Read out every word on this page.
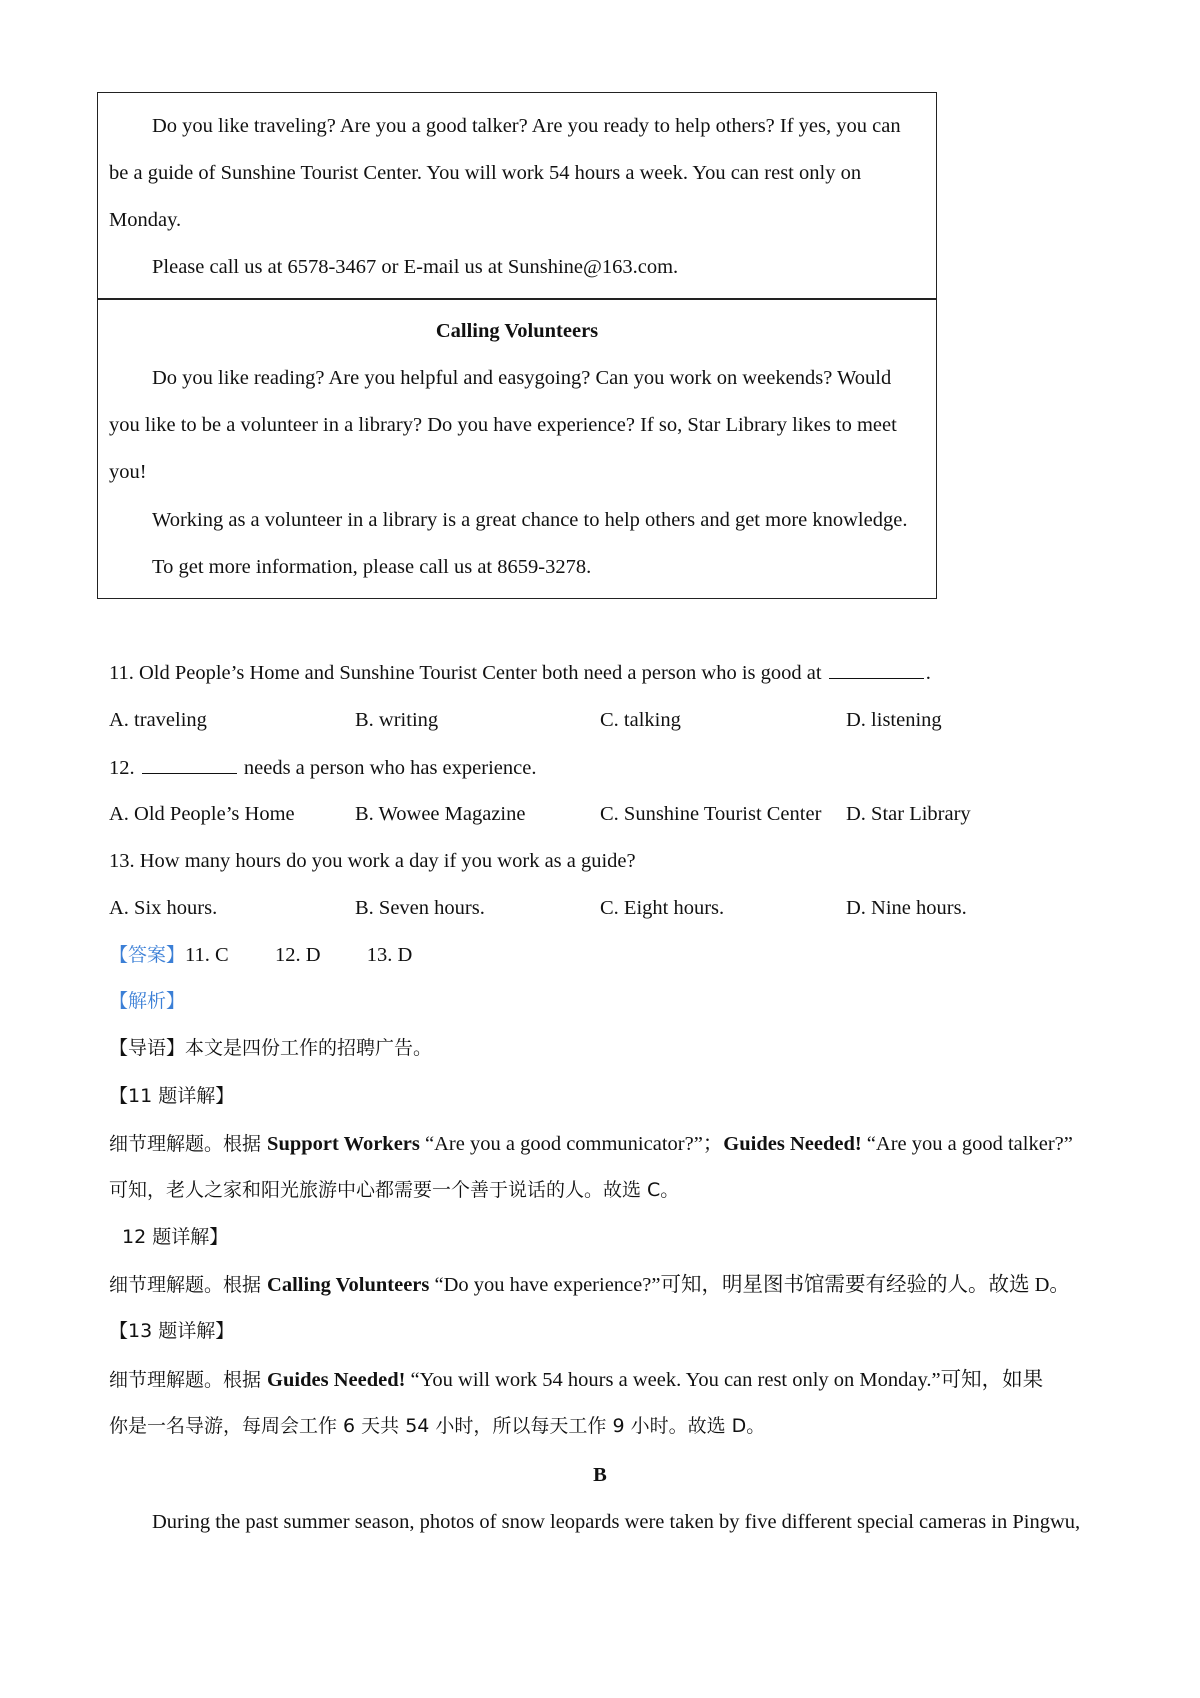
Do you like traveling? Are you a good talker? Are you ready to help others? If yes, you can
be a guide of Sunshine Tourist Center. You will work 54 hours a week. You can rest only on
Monday.
Please call us at 6578-3467 or E-mail us at Sunshine@163.com.
Calling Volunteers
Do you like reading? Are you helpful and easygoing? Can you work on weekends? Would
you like to be a volunteer in a library? Do you have experience? If so, Star Library likes to meet
you!
Working as a volunteer in a library is a great chance to help others and get more knowledge.
To get more information, please call us at 8659-3278.
11. Old People’s Home and Sunshine Tourist Center both need a person who is good at	.
A. traveling	B. writing	C. talking	D. listening
12.	needs a person who has experience.
A. Old People’s Home	B. Wowee Magazine	C. Sunshine Tourist Center D. Star Library
13. How many hours do you work a day if you work as a guide?
A. Six hours.	B. Seven hours.	C. Eight hours.	D. Nine hours.
【答案】11. C 12. D 13. D
【解析】
【导语】本文是四份工作的招聘广告。
【11 题详解】
细节理解题。根据 Support Workers “Are you a good communicator?”；Guides Needed! “Are you a good talker?”
可知，老人之家和阳光旅游中心都需要一个善于说话的人。故选 C。
12 题详解】
细节理解题。根据 Calling Volunteers “Do you have experience?”可知，明星图书馆需要有经验的人。故选 D。
【13 题详解】
细节理解题。根据 Guides Needed! “You will work 54 hours a week. You can rest only on Monday.”可知，如果
你是一名导游，每周会工作 6 天共 54 小时，所以每天工作 9 小时。故选 D。
B
During the past summer season, photos of snow leopards were taken by five different special cameras in Pingwu,
